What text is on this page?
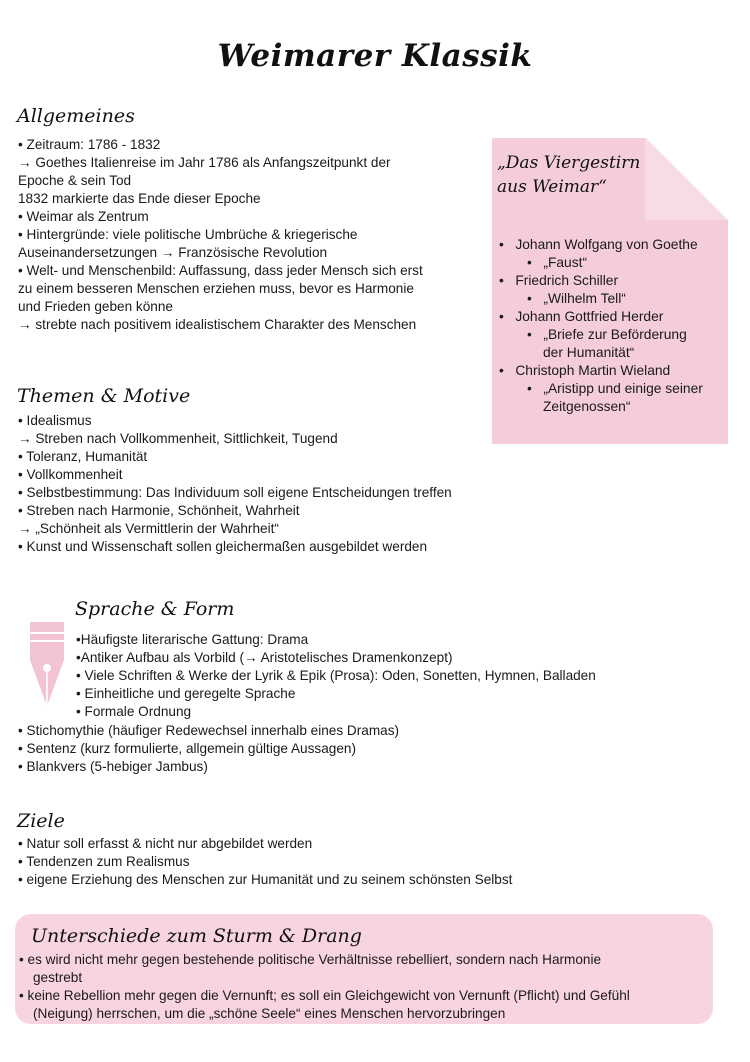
Weimarer Klassik
Allgemeines
• Zeitraum: 1786 - 1832
→ Goethes Italienreise im Jahr 1786 als Anfangszeitpunkt der
Epoche & sein Tod
1832 markierte das Ende dieser Epoche
• Weimar als Zentrum
• Hintergründe: viele politische Umbrüche & kriegerische
Auseinandersetzungen → Französische Revolution
• Welt- und Menschenbild: Auffassung, dass jeder Mensch sich erst
zu einem besseren Menschen erziehen muss, bevor es Harmonie
und Frieden geben könne
→ strebte nach positivem idealistischem Charakter des Menschen
„Das Viergestirn
aus Weimar“
• Johann Wolfgang von Goethe
• „Faust“
• Friedrich Schiller
• „Wilhelm Tell“
• Johann Gottfried Herder
• „Briefe zur Beförderung
der Humanität“
• Christoph Martin Wieland
• „Aristipp und einige seiner
Zeitgenossen“
Themen & Motive
• Idealismus
→ Streben nach Vollkommenheit, Sittlichkeit, Tugend
• Toleranz, Humanität
• Vollkommenheit
• Selbstbestimmung: Das Individuum soll eigene Entscheidungen treffen
• Streben nach Harmonie, Schönheit, Wahrheit
→ „Schönheit als Vermittlerin der Wahrheit“
• Kunst und Wissenschaft sollen gleichermaßen ausgebildet werden
Sprache & Form
•Häufigste literarische Gattung: Drama
•Antiker Aufbau als Vorbild (→ Aristotelisches Dramenkonzept)
• Viele Schriften & Werke der Lyrik & Epik (Prosa): Oden, Sonetten, Hymnen, Balladen
• Einheitliche und geregelte Sprache
• Formale Ordnung
• Stichomythie (häufiger Redewechsel innerhalb eines Dramas)
• Sentenz (kurz formulierte, allgemein gültige Aussagen)
• Blankvers (5-hebiger Jambus)
Ziele
• Natur soll erfasst & nicht nur abgebildet werden
• Tendenzen zum Realismus
• eigene Erziehung des Menschen zur Humanität und zu seinem schönsten Selbst
Unterschiede zum Sturm & Drang
• es wird nicht mehr gegen bestehende politische Verhältnisse rebelliert, sondern nach Harmonie
gestrebt
• keine Rebellion mehr gegen die Vernunft; es soll ein Gleichgewicht von Vernunft (Pflicht) und Gefühl
(Neigung) herrschen, um die „schöne Seele“ eines Menschen hervorzubringen
